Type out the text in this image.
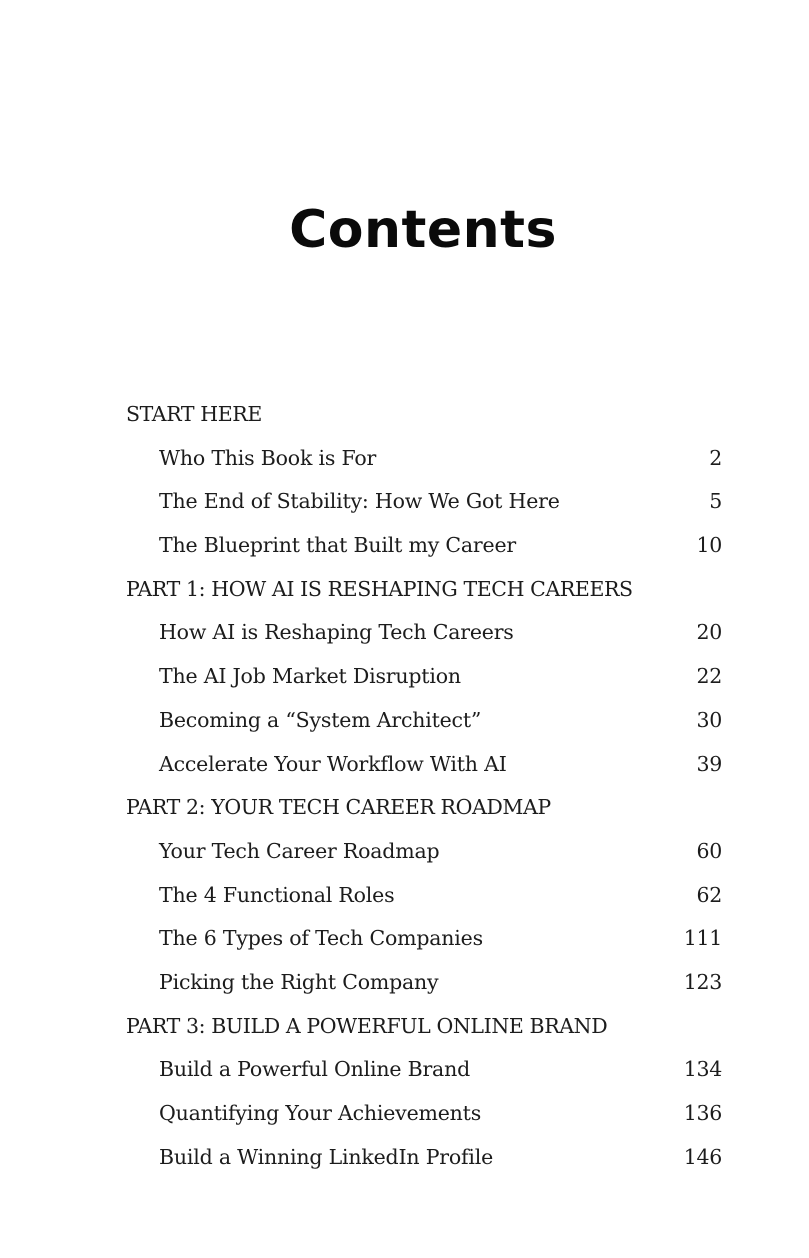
Contents
START HERE
Who This Book is For	2
The End of Stability: How We Got Here	5
The Blueprint that Built my Career	10
PART 1: HOW AI IS RESHAPING TECH CAREERS
How AI is Reshaping Tech Careers	20
The AI Job Market Disruption	22
Becoming a “System Architect”	30
Accelerate Your Workflow With AI	39
PART 2: YOUR TECH CAREER ROADMAP
Your Tech Career Roadmap	60
The 4 Functional Roles	62
The 6 Types of Tech Companies	111
Picking the Right Company	123
PART 3: BUILD A POWERFUL ONLINE BRAND
Build a Powerful Online Brand	134
Quantifying Your Achievements	136
Build a Winning LinkedIn Profile	146
